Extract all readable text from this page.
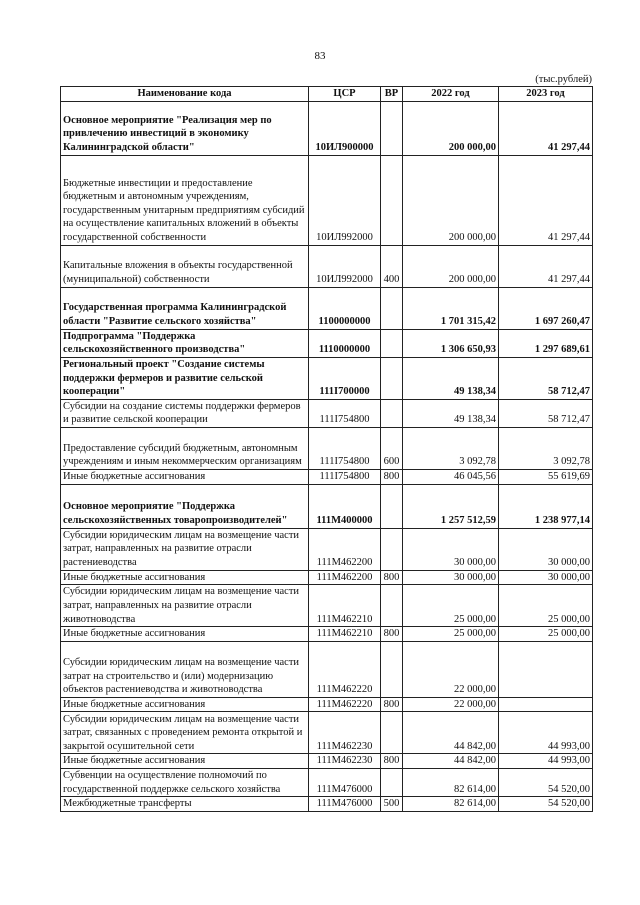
83
(тыс.рублей)
Наименование кода	ЦСР	ВР	2022 год	2023 год
Основное мероприятие "Реализация мер по привлечению инвестиций в экономику Калининградской области"	10ИЛ900000		200 000,00	41 297,44
Бюджетные инвестиции и предоставление бюджетным и автономным учреждениям, государственным унитарным предприятиям субсидий на осуществление капитальных вложений в объекты государственной собственности	10ИЛ992000		200 000,00	41 297,44
Капитальные вложения в объекты государственной (муниципальной) собственности	10ИЛ992000	400	200 000,00	41 297,44
Государственная программа Калининградской области "Развитие сельского хозяйства"	1100000000		1 701 315,42	1 697 260,47
Подпрограмма "Поддержка сельскохозяйственного производства"	1110000000		1 306 650,93	1 297 689,61
Региональный проект "Создание системы поддержки фермеров и развитие сельской кооперации"	111I700000		49 138,34	58 712,47
Субсидии на создание системы поддержки фермеров и развитие сельской кооперации	111I754800		49 138,34	58 712,47
Предоставление субсидий бюджетным, автономным учреждениям и иным некоммерческим организациям	111I754800	600	3 092,78	3 092,78
Иные бюджетные ассигнования	111I754800	800	46 045,56	55 619,69
Основное мероприятие "Поддержка сельскохозяйственных товаропроизводителей"	111М400000		1 257 512,59	1 238 977,14
Субсидии юридическим лицам на возмещение части затрат, направленных на развитие отрасли растениеводства	111М462200		30 000,00	30 000,00
Иные бюджетные ассигнования	111М462200	800	30 000,00	30 000,00
Субсидии юридическим лицам на возмещение части затрат, направленных на развитие отрасли животноводства	111М462210		25 000,00	25 000,00
Иные бюджетные ассигнования	111М462210	800	25 000,00	25 000,00
Субсидии юридическим лицам на возмещение части затрат на строительство и (или) модернизацию объектов растениеводства и животноводства	111М462220		22 000,00	
Иные бюджетные ассигнования	111М462220	800	22 000,00	
Субсидии юридическим лицам на возмещение части затрат, связанных с проведением ремонта открытой и закрытой осушительной сети	111М462230		44 842,00	44 993,00
Иные бюджетные ассигнования	111М462230	800	44 842,00	44 993,00
Субвенции на осуществление полномочий по государственной поддержке сельского хозяйства	111М476000		82 614,00	54 520,00
Межбюджетные трансферты	111М476000	500	82 614,00	54 520,00
